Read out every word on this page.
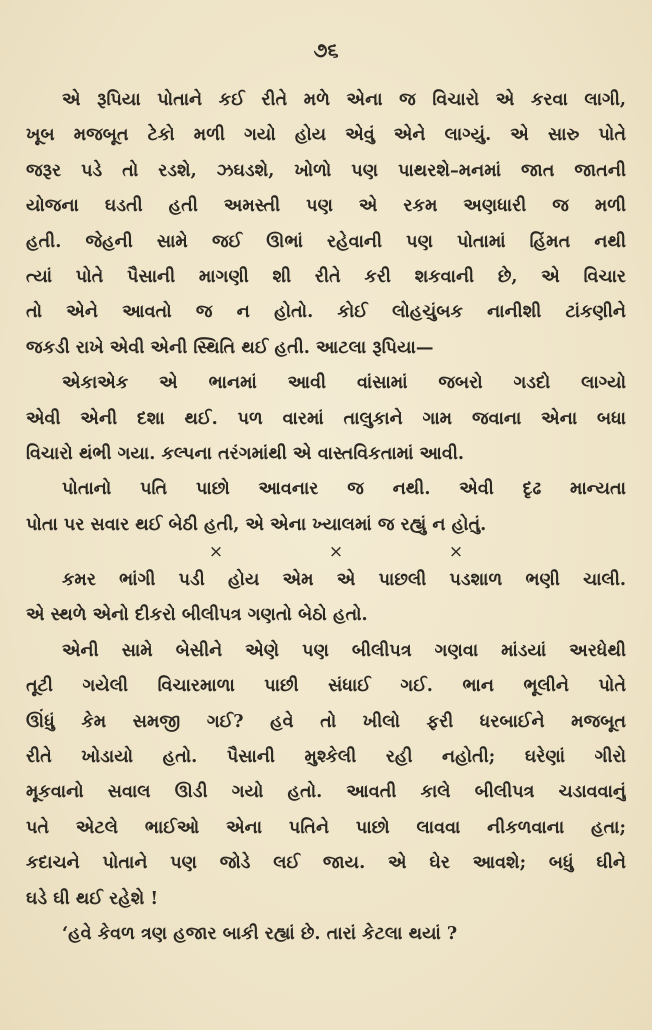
૭૬
એ રૂપિયા પોતાને કઈ રીતે મળે એના જ વિચારો એ કરવા લાગી,
ખૂબ મજબૂત ટેકો મળી ગયો હોય એવું એને લાગ્યું. એ સારુ પોતે
જરૂર પડે તો રડશે, ઝઘડશે, ખોળો પણ પાથરશે–મનમાં જાત જાતની
યોજના ઘડતી હતી અમસ્તી પણ એ રકમ અણધારી જ મળી
હતી. જેહની સામે જઈ ઊભાં રહેવાની પણ પોતામાં હિંમત નથી
ત્યાં પોતે પૈસાની માગણી શી રીતે કરી શકવાની છે, એ વિચાર
તો એને આવતો જ ન હોતો. કોઈ લોહચુંબક નાનીશી ટાંકણીને
જકડી રાખે એવી એની સ્થિતિ થઈ હતી. આટલા રૂપિયા—
એકાએક એ ભાનમાં આવી વાંસામાં જબરો ગડદો લાગ્યો
એવી એની દશા થઈ. પળ વારમાં તાલુકાને ગામ જવાના એના બધા
વિચારો થંભી ગયા. કલ્પના તરંગમાંથી એ વાસ્તવિકતામાં આવી.
પોતાનો પતિ પાછો આવનાર જ નથી. એવી દૃઢ માન્યતા
પોતા પર સવાર થઈ બેઠી હતી, એ એના ખ્યાલમાં જ રહ્યું ન હોતું.
×	×	×
કમર ભાંગી પડી હોય એમ એ પાછલી પડશાળ ભણી ચાલી.
એ સ્થળે એનો દીકરો બીલીપત્ર ગણતો બેઠો હતો.
એની સામે બેસીને એણે પણ બીલીપત્ર ગણવા માંડયાં અરધેથી
તૂટી ગયેલી વિચારમાળા પાછી સંધાઈ ગઈ. ભાન ભૂલીને પોતે
ઊંધું કેમ સમજી ગઈ? હવે તો ખીલો ફરી ધરબાઈને મજબૂત
રીતે ખોડાયો હતો. પૈસાની મુશ્કેલી રહી નહોતી; ઘરેણાં ગીરો
મૂકવાનો સવાલ ઊડી ગયો હતો. આવતી કાલે બીલીપત્ર ચડાવવાનું
પતે એટલે ભાઈઓ એના પતિને પાછો લાવવા નીકળવાના હતા;
કદાચને પોતાને પણ જોડે લઈ જાય. એ ઘેર આવશે; બધું ઘીને
ઘડે ઘી થઈ રહેશે !
‘હવે કેવળ ત્રણ હજાર બાકી રહ્યાં છે. તારાં કેટલા થયાં ?
